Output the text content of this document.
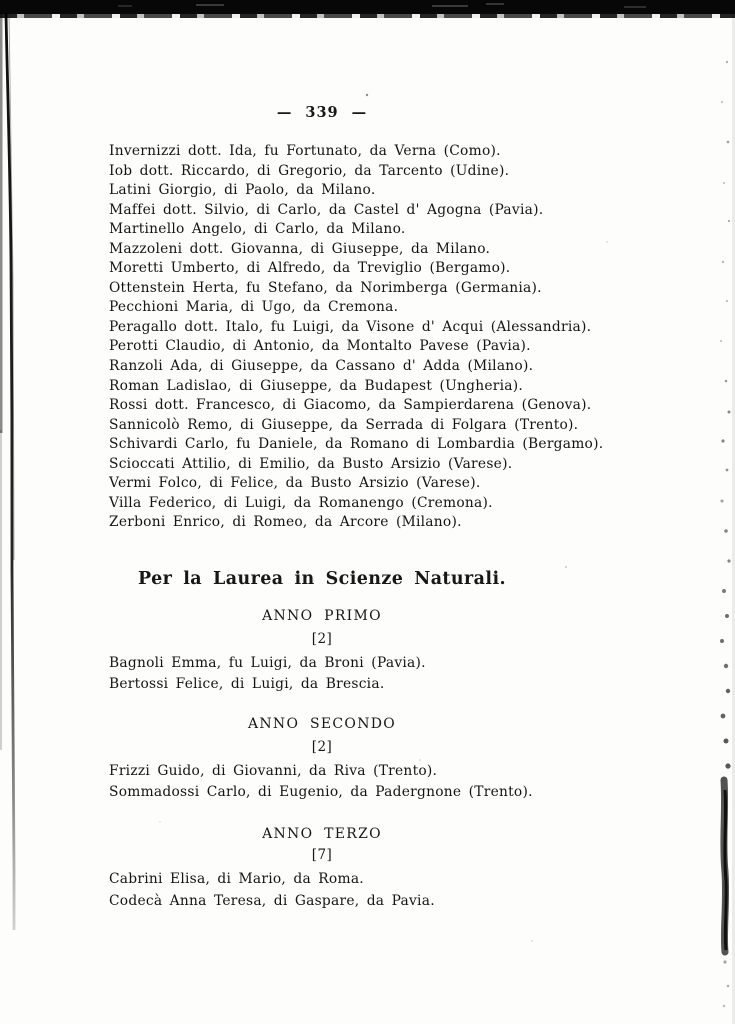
— 339 —
Invernizzi dott. Ida, fu Fortunato, da Verna (Como).
Iob dott. Riccardo, di Gregorio, da Tarcento (Udine).
Latini Giorgio, di Paolo, da Milano.
Maffei dott. Silvio, di Carlo, da Castel d' Agogna (Pavia).
Martinello Angelo, di Carlo, da Milano.
Mazzoleni dott. Giovanna, di Giuseppe, da Milano.
Moretti Umberto, di Alfredo, da Treviglio (Bergamo).
Ottenstein Herta, fu Stefano, da Norimberga (Germania).
Pecchioni Maria, di Ugo, da Cremona.
Peragallo dott. Italo, fu Luigi, da Visone d' Acqui (Alessandria).
Perotti Claudio, di Antonio, da Montalto Pavese (Pavia).
Ranzoli Ada, di Giuseppe, da Cassano d' Adda (Milano).
Roman Ladislao, di Giuseppe, da Budapest (Ungheria).
Rossi dott. Francesco, di Giacomo, da Sampierdarena (Genova).
Sannicolò Remo, di Giuseppe, da Serrada di Folgara (Trento).
Schivardi Carlo, fu Daniele, da Romano di Lombardia (Bergamo).
Scioccati Attilio, di Emilio, da Busto Arsizio (Varese).
Vermi Folco, di Felice, da Busto Arsizio (Varese).
Villa Federico, di Luigi, da Romanengo (Cremona).
Zerboni Enrico, di Romeo, da Arcore (Milano).
Per la Laurea in Scienze Naturali.
ANNO PRIMO
[2]
Bagnoli Emma, fu Luigi, da Broni (Pavia).
Bertossi Felice, di Luigi, da Brescia.
ANNO SECONDO
[2]
Frizzi Guido, di Giovanni, da Riva (Trento).
Sommadossi Carlo, di Eugenio, da Padergnone (Trento).
ANNO TERZO
[7]
Cabrini Elisa, di Mario, da Roma.
Codecà Anna Teresa, di Gaspare, da Pavia.
